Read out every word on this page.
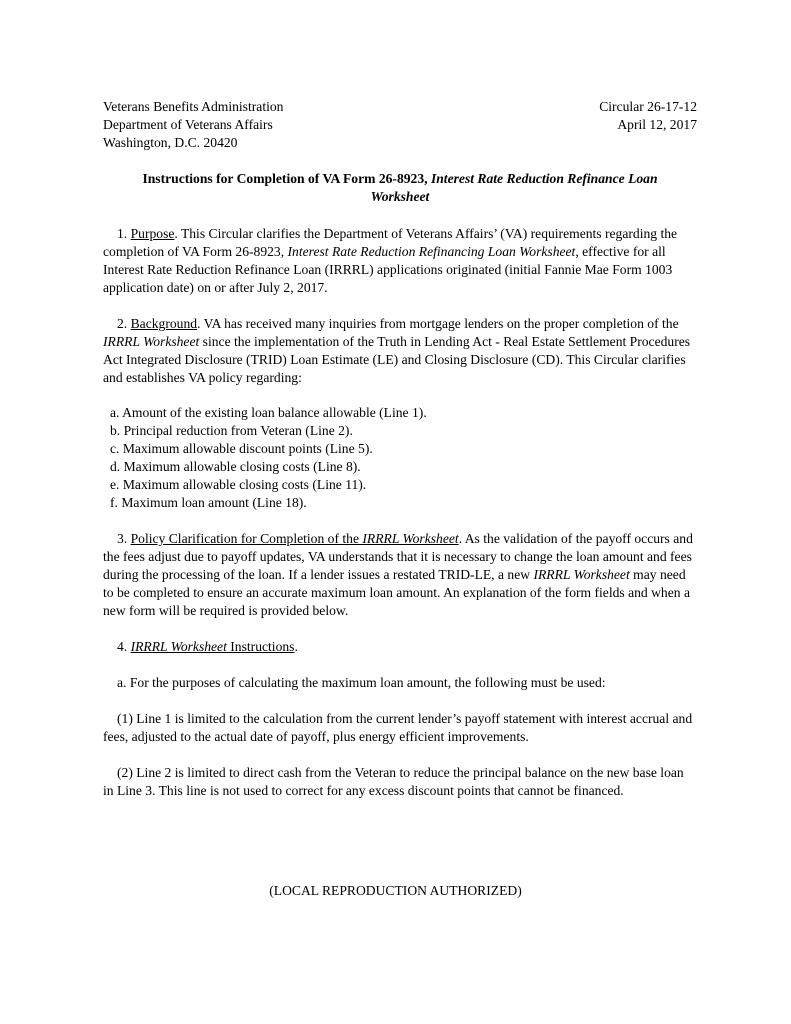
Veterans Benefits Administration
Department of Veterans Affairs
Washington, D.C. 20420
Circular 26-17-12
April 12, 2017
Instructions for Completion of VA Form 26-8923, Interest Rate Reduction Refinance Loan Worksheet
1. Purpose. This Circular clarifies the Department of Veterans Affairs’ (VA) requirements regarding the completion of VA Form 26-8923, Interest Rate Reduction Refinancing Loan Worksheet, effective for all Interest Rate Reduction Refinance Loan (IRRRL) applications originated (initial Fannie Mae Form 1003 application date) on or after July 2, 2017.
2. Background. VA has received many inquiries from mortgage lenders on the proper completion of the IRRRL Worksheet since the implementation of the Truth in Lending Act - Real Estate Settlement Procedures Act Integrated Disclosure (TRID) Loan Estimate (LE) and Closing Disclosure (CD). This Circular clarifies and establishes VA policy regarding:
a. Amount of the existing loan balance allowable (Line 1).
b. Principal reduction from Veteran (Line 2).
c. Maximum allowable discount points (Line 5).
d. Maximum allowable closing costs (Line 8).
e. Maximum allowable closing costs (Line 11).
f. Maximum loan amount (Line 18).
3. Policy Clarification for Completion of the IRRRL Worksheet. As the validation of the payoff occurs and the fees adjust due to payoff updates, VA understands that it is necessary to change the loan amount and fees during the processing of the loan. If a lender issues a restated TRID-LE, a new IRRRL Worksheet may need to be completed to ensure an accurate maximum loan amount. An explanation of the form fields and when a new form will be required is provided below.
4. IRRRL Worksheet Instructions.
a. For the purposes of calculating the maximum loan amount, the following must be used:
(1) Line 1 is limited to the calculation from the current lender’s payoff statement with interest accrual and fees, adjusted to the actual date of payoff, plus energy efficient improvements.
(2) Line 2 is limited to direct cash from the Veteran to reduce the principal balance on the new base loan in Line 3. This line is not used to correct for any excess discount points that cannot be financed.
(LOCAL REPRODUCTION AUTHORIZED)
